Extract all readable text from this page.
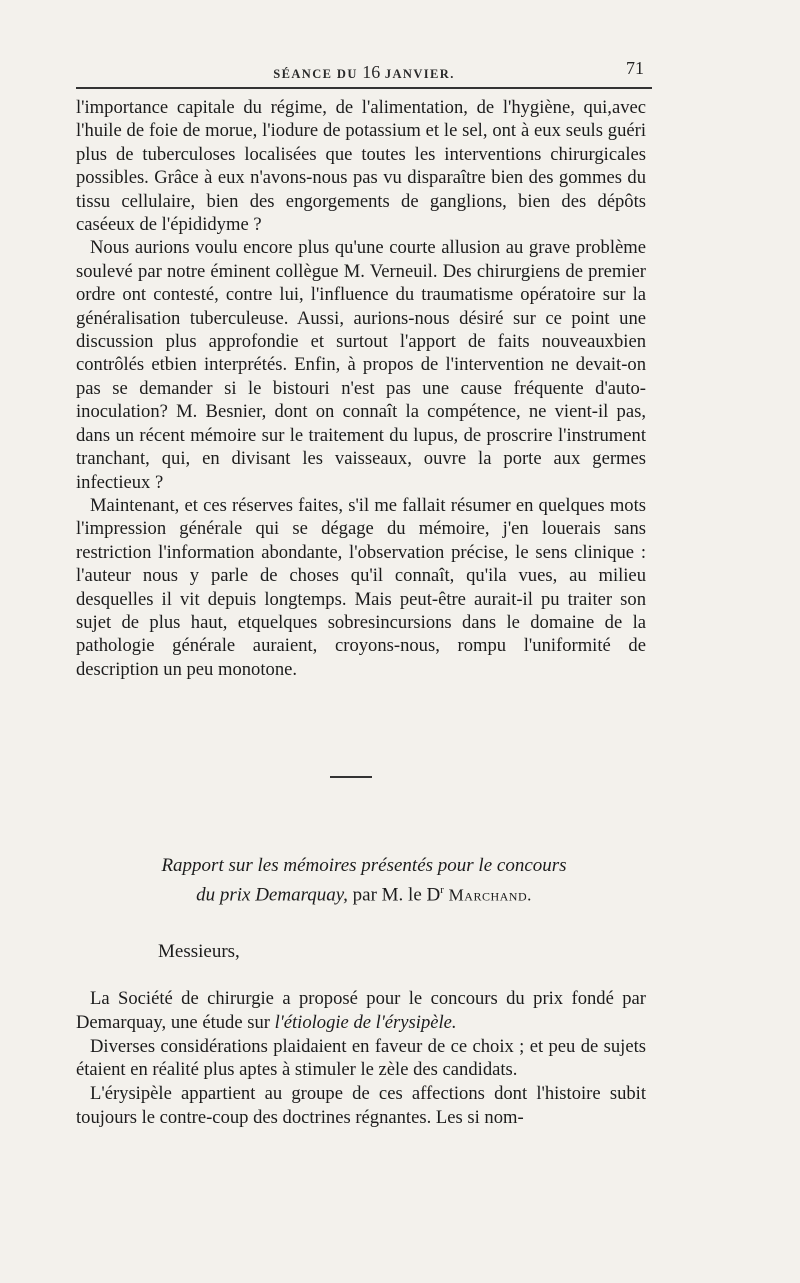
SÉANCE DU 16 JANVIER.	71

l'importance capitale du régime, de l'alimentation, de l'hygiène, qui,avec l'huile de foie de morue, l'iodure de potassium et le sel, ont à eux seuls guéri plus de tuberculoses localisées que toutes les interventions chirurgicales possibles. Grâce à eux n'avons-nous pas vu disparaître bien des gommes du tissu cellulaire, bien des engorgements de ganglions, bien des dépôts caséeux de l'épididyme ?

Nous aurions voulu encore plus qu'une courte allusion au grave problème soulevé par notre éminent collègue M. Verneuil. Des chirurgiens de premier ordre ont contesté, contre lui, l'influence du traumatisme opératoire sur la généralisation tuberculeuse. Aussi, aurions-nous désiré sur ce point une discussion plus approfondie et surtout l'apport de faits nouveauxbien contrôlés etbien interprétés. Enfin, à propos de l'intervention ne devait-on pas se demander si le bistouri n'est pas une cause fréquente d'auto-inoculation? M. Besnier, dont on connaît la compétence, ne vient-il pas, dans un récent mémoire sur le traitement du lupus, de proscrire l'instrument tranchant, qui, en divisant les vaisseaux, ouvre la porte aux germes infectieux ?

Maintenant, et ces réserves faites, s'il me fallait résumer en quelques mots l'impression générale qui se dégage du mémoire, j'en louerais sans restriction l'information abondante, l'observation précise, le sens clinique : l'auteur nous y parle de choses qu'il connaît, qu'ila vues, au milieu desquelles il vit depuis longtemps. Mais peut-être aurait-il pu traiter son sujet de plus haut, etquelques sobresincursions dans le domaine de la pathologie générale auraient, croyons-nous, rompu l'uniformité de description un peu monotone.

Rapport sur les mémoires présentés pour le concours
du prix Demarquay, par M. le $D^r$ Marchand.
Messieurs,

La Société de chirurgie a proposé pour le concours du prix fondé par Demarquay, une étude sur l'étiologie de l'érysipèle.

Diverses considérations plaidaient en faveur de ce choix ; et peu de sujets étaient en réalité plus aptes à stimuler le zèle des candidats.

L'érysipèle appartient au groupe de ces affections dont l'histoire subit toujours le contre-coup des doctrines régnantes. Les si nom-
